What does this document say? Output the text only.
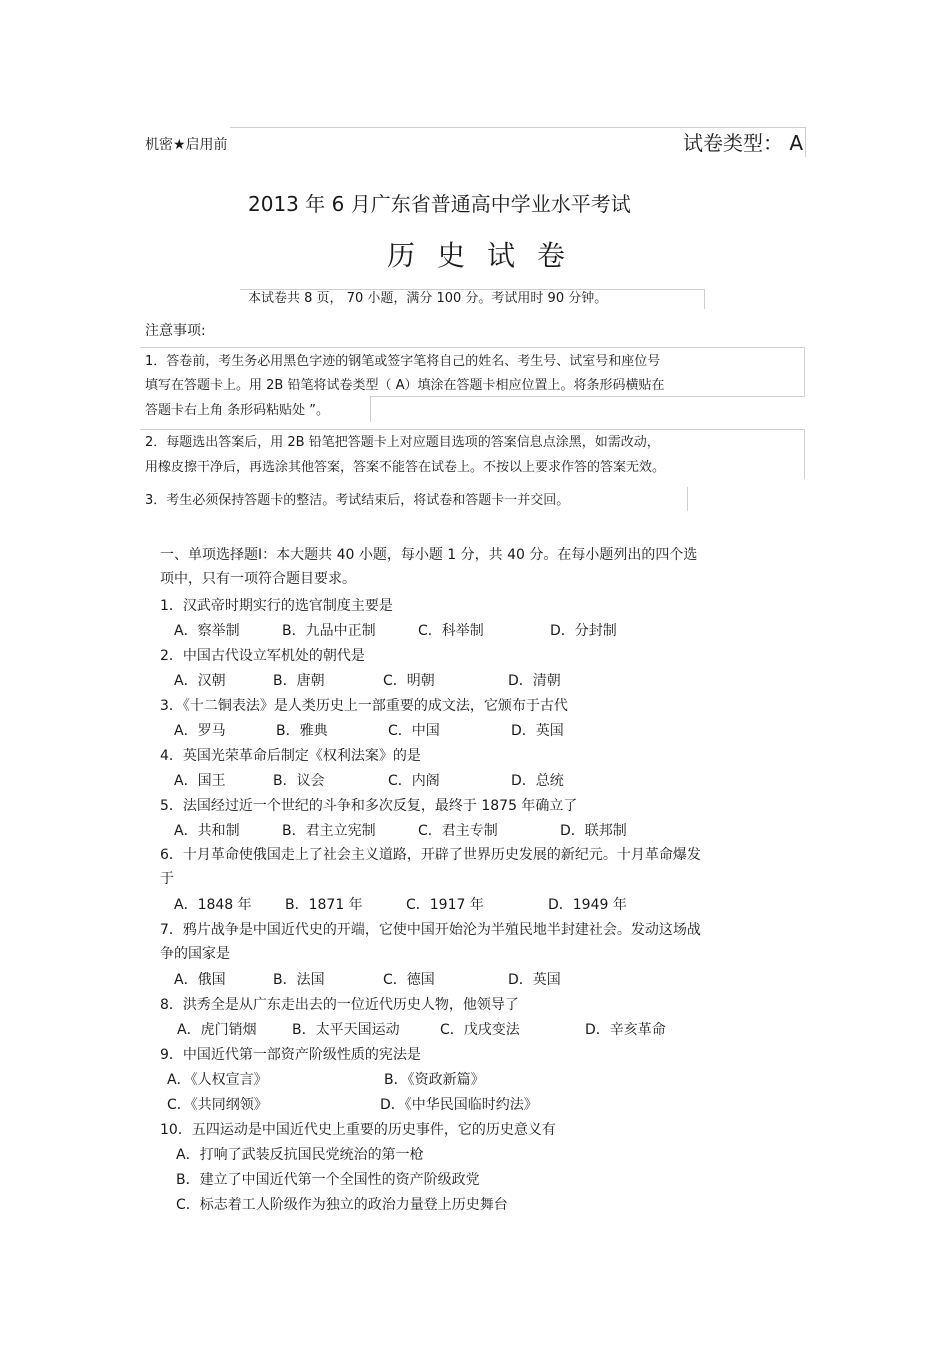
机密★启用前	试卷类型： A
2013 年 6 月广东省普通高中学业水平考试
历史试卷
本试卷共 8 页， 70 小题，满分 100 分。考试用时 90 分钟。
注意事项:
1．答卷前，考生务必用黑色字迹的钢笔或签字笔将自己的姓名、考生号、试室号和座位号
填写在答题卡上。用 2B 铅笔将试卷类型（ A）填涂在答题卡相应位置上。将条形码横贴在
答题卡右上角 条形码粘贴处 ”。
2．每题选出答案后，用 2B 铅笔把答题卡上对应题目选项的答案信息点涂黑，如需改动，
用橡皮擦干净后，再选涂其他答案，答案不能答在试卷上。不按以上要求作答的答案无效。
3．考生必须保持答题卡的整洁。考试结束后，将试卷和答题卡一并交回。
一、单项选择题Ⅰ：本大题共 40 小题，每小题 1 分，共 40 分。在每小题列出的四个选
项中，只有一项符合题目要求。
1．汉武帝时期实行的选官制度主要是
A．察举制	B．九品中正制	C．科举制	D．分封制
2．中国古代设立军机处的朝代是
A．汉朝	B．唐朝	C．明朝	D．清朝
3．《十二铜表法》是人类历史上一部重要的成文法，它颁布于古代
A．罗马	B．雅典	C．中国	D．英国
4．英国光荣革命后制定《权利法案》的是
A．国王	B．议会	C．内阁	D．总统
5．法国经过近一个世纪的斗争和多次反复，最终于 1875 年确立了
A．共和制	B．君主立宪制	C．君主专制	D．联邦制
6．十月革命使俄国走上了社会主义道路，开辟了世界历史发展的新纪元。十月革命爆发
于
A．1848 年 B．1871 年	C．1917 年	D．1949 年
7．鸦片战争是中国近代史的开端，它使中国开始沦为半殖民地半封建社会。发动这场战
争的国家是
A．俄国	B．法国	C．德国	D．英国
8．洪秀全是从广东走出去的一位近代历史人物，他领导了
A．虎门销烟	B．太平天国运动	C．戊戌变法	D．辛亥革命
9．中国近代第一部资产阶级性质的宪法是
A．《人权宣言》	B．《资政新篇》
C．《共同纲领》	D．《中华民国临时约法》
10．五四运动是中国近代史上重要的历史事件，它的历史意义有
A．打响了武装反抗国民党统治的第一枪
B．建立了中国近代第一个全国性的资产阶级政党
C．标志着工人阶级作为独立的政治力量登上历史舞台
